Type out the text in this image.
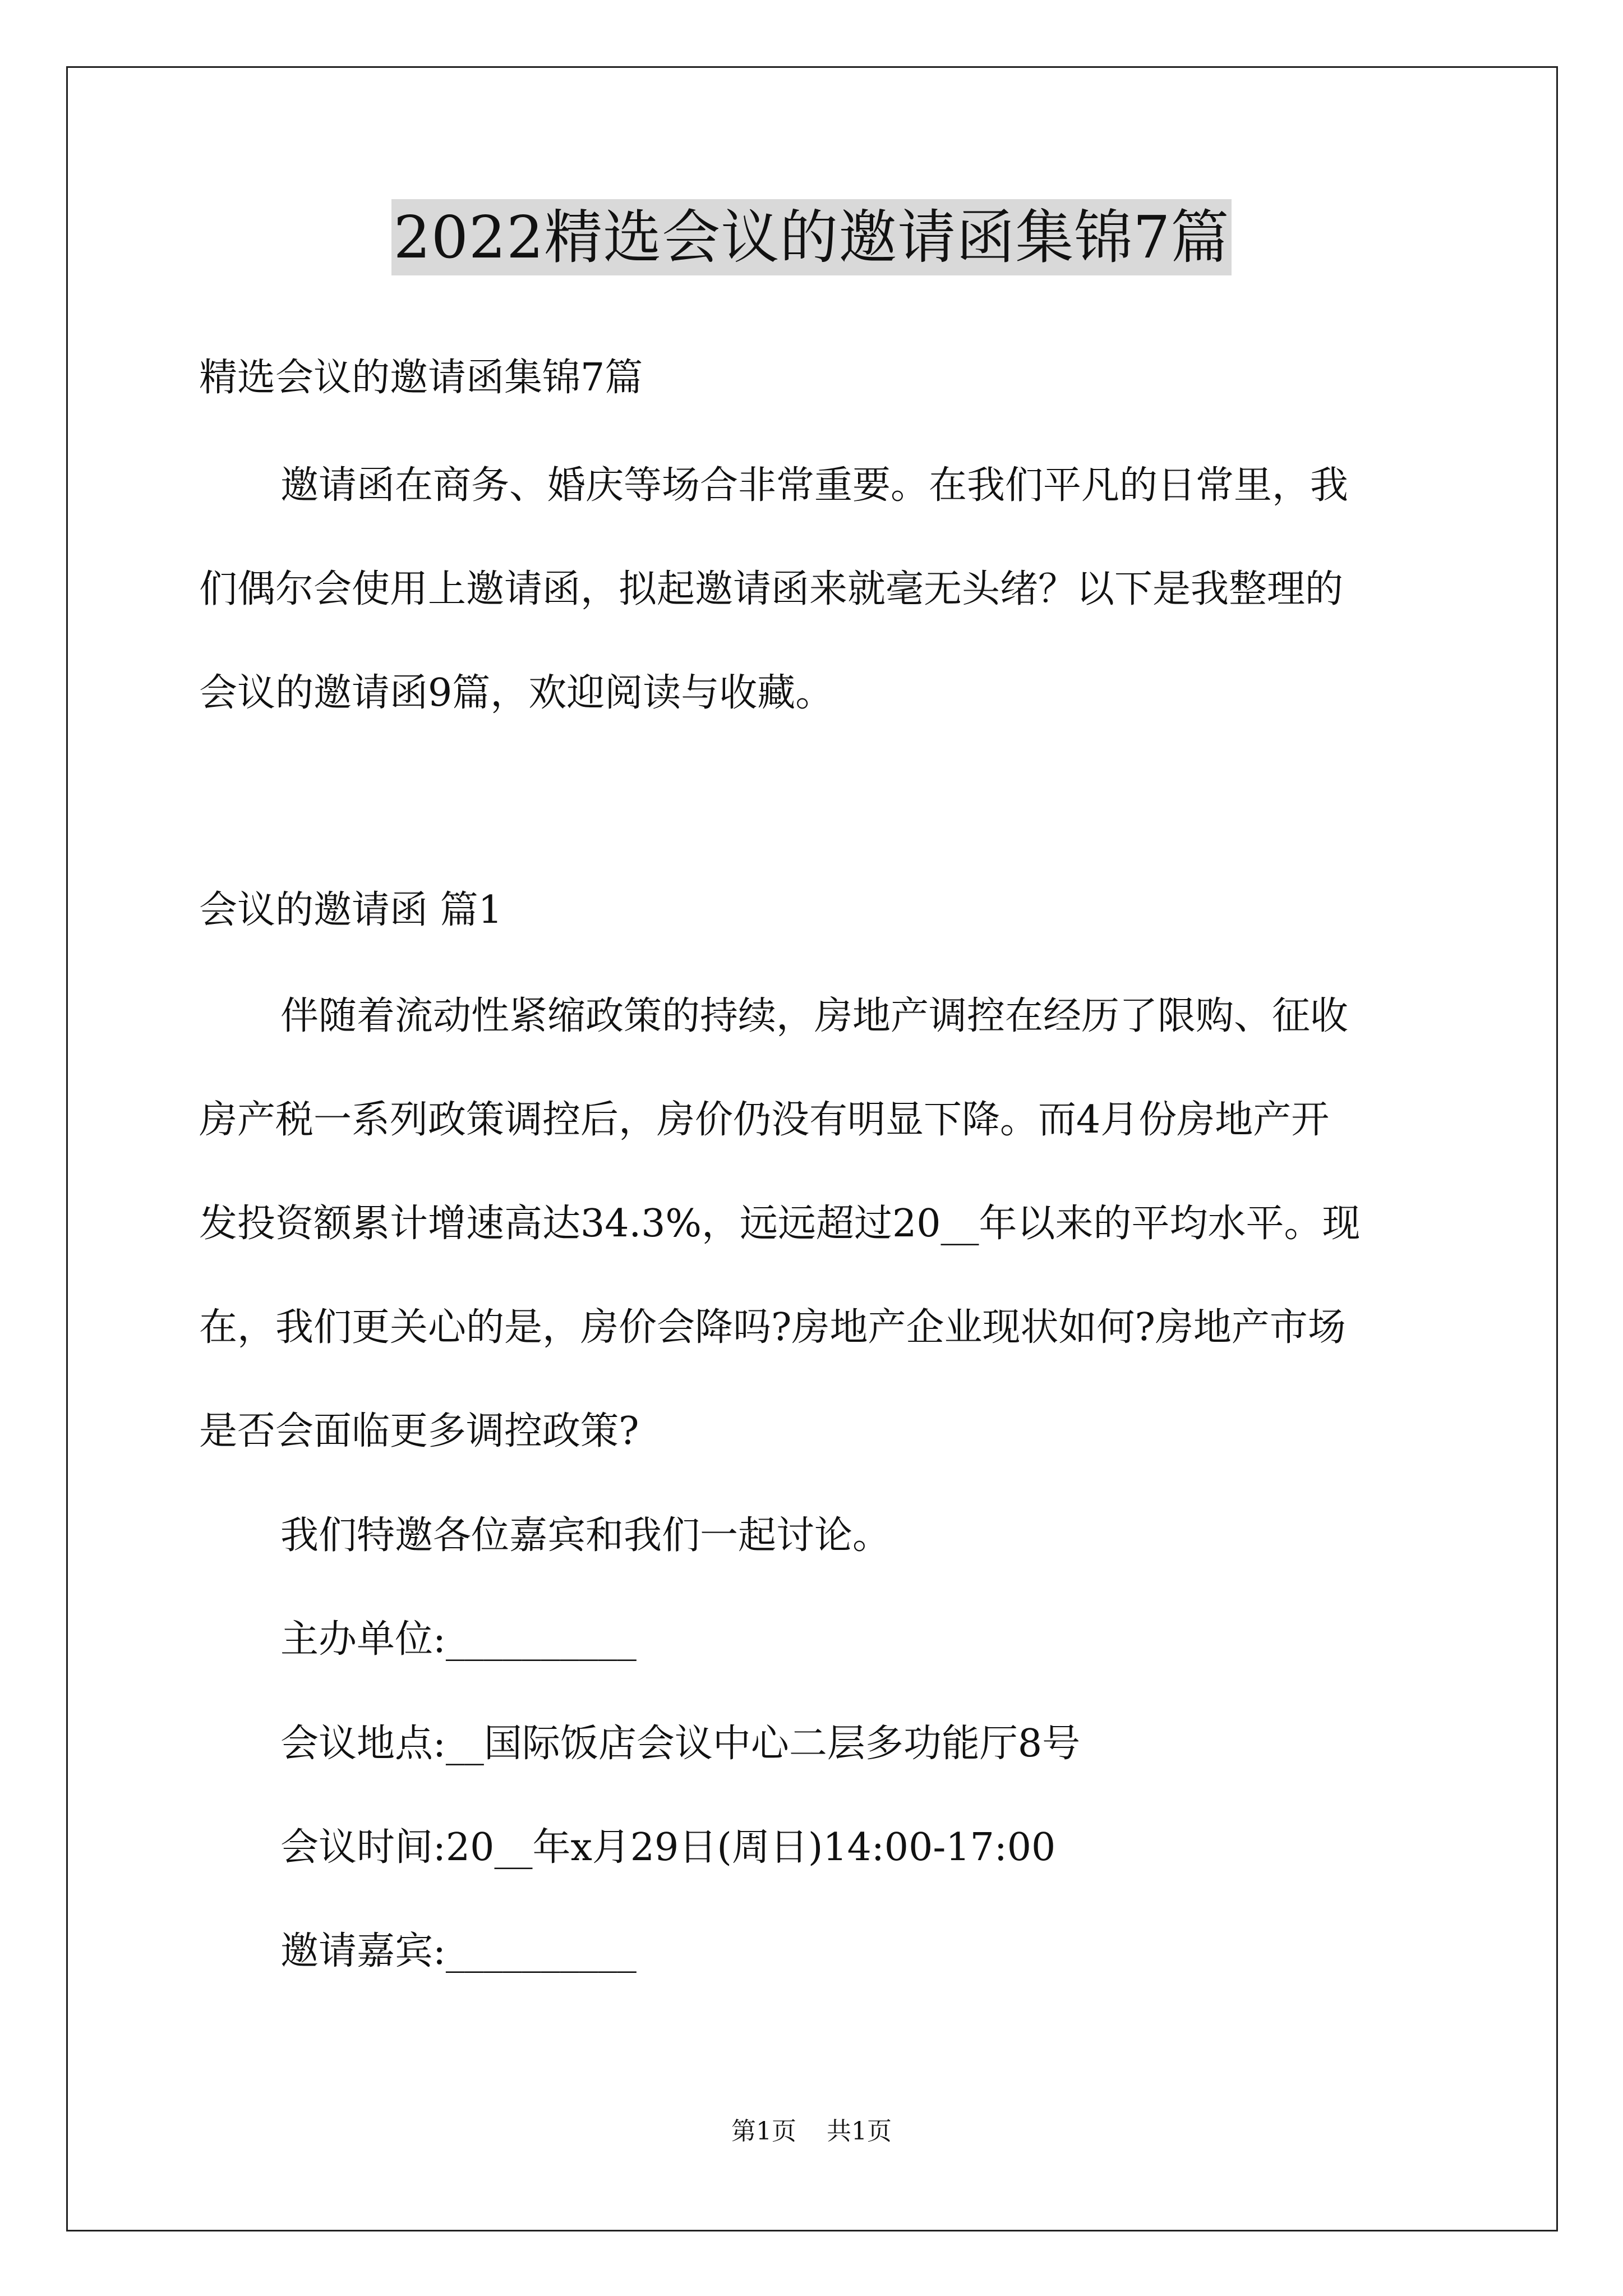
2022精选会议的邀请函集锦7篇
精选会议的邀请函集锦7篇
邀请函在商务、婚庆等场合非常重要。在我们平凡的日常里，我
们偶尔会使用上邀请函，拟起邀请函来就毫无头绪？以下是我整理的
会议的邀请函9篇，欢迎阅读与收藏。
会议的邀请函 篇1
伴随着流动性紧缩政策的持续，房地产调控在经历了限购、征收
房产税一系列政策调控后，房价仍没有明显下降。而4月份房地产开
发投资额累计增速高达34.3%，远远超过20__年以来的平均水平。现
在，我们更关心的是，房价会降吗?房地产企业现状如何?房地产市场
是否会面临更多调控政策?
我们特邀各位嘉宾和我们一起讨论。
主办单位:__________
会议地点:__国际饭店会议中心二层多功能厅8号
会议时间:20__年x月29日(周日)14:00-17:00
邀请嘉宾:__________
第1页 共1页
